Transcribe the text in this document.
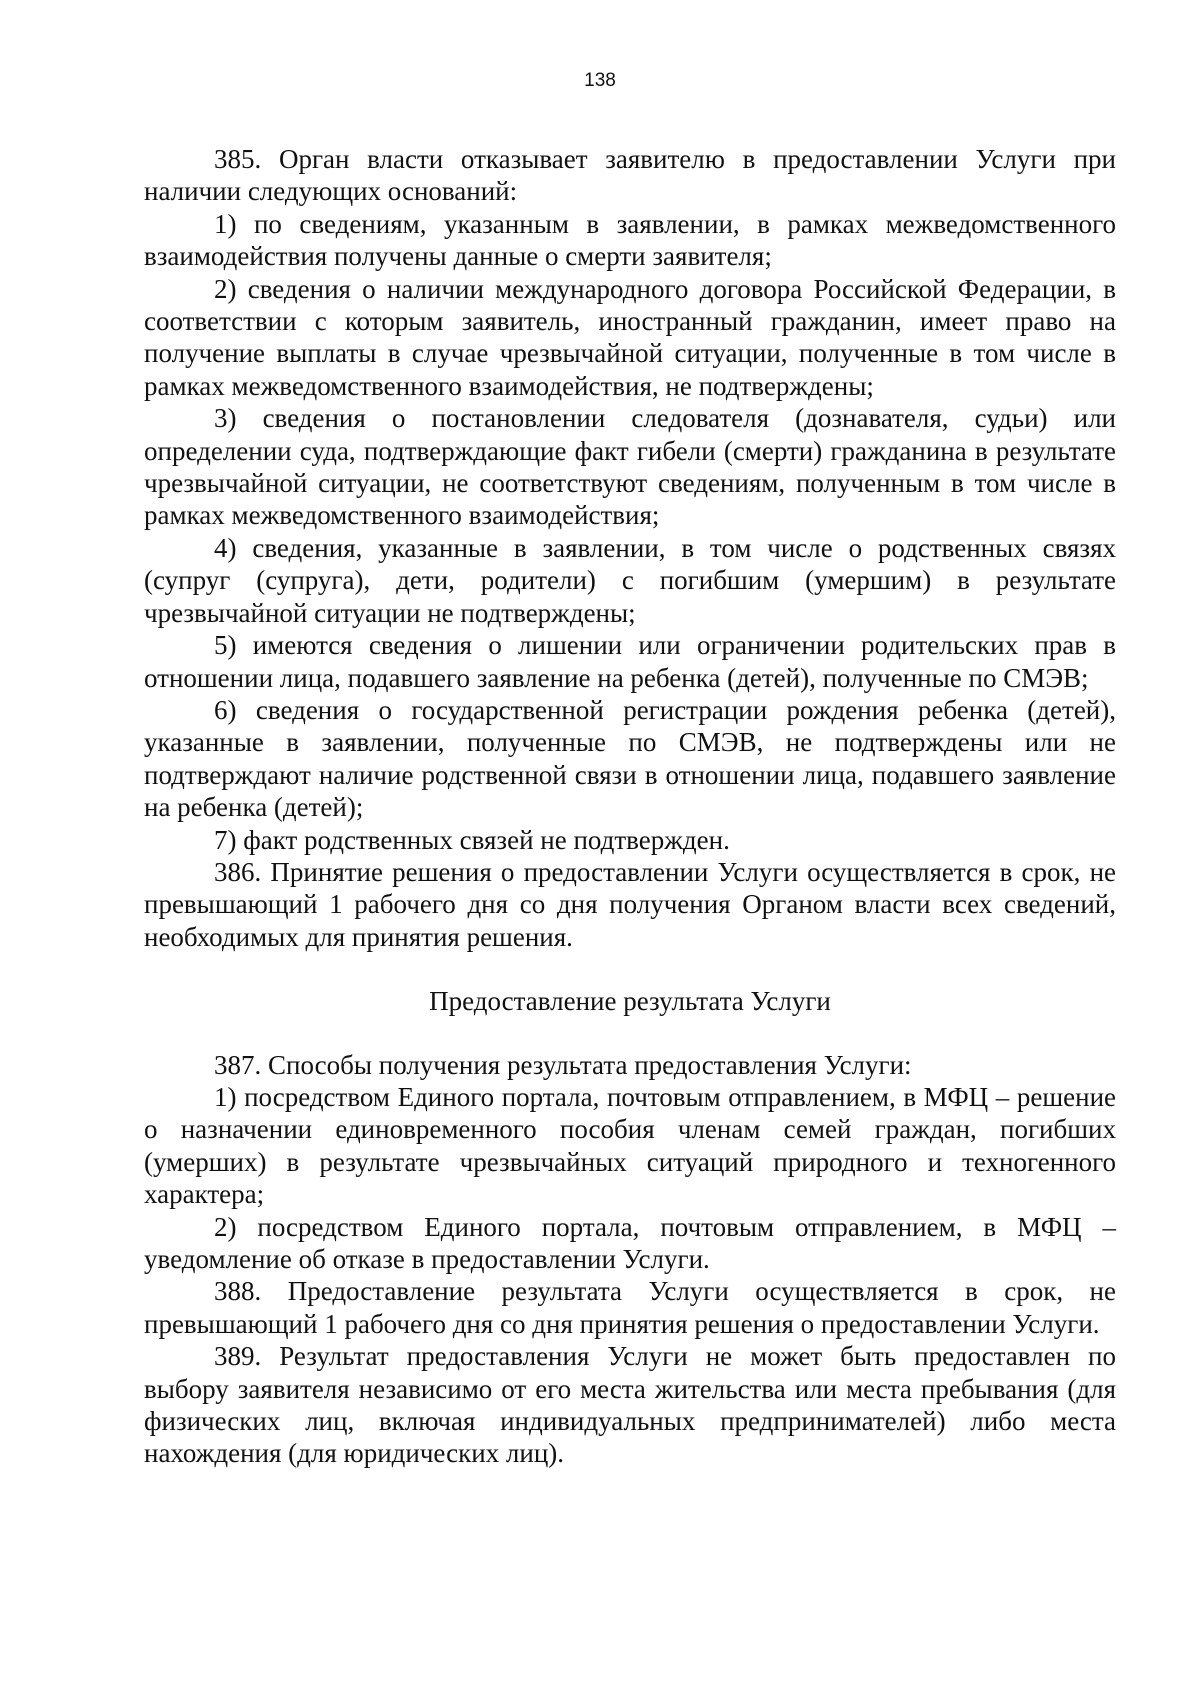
138

385. Орган власти отказывает заявителю в предоставлении Услуги при наличии следующих оснований:

1) по сведениям, указанным в заявлении, в рамках межведомственного взаимодействия получены данные о смерти заявителя;

2) сведения о наличии международного договора Российской Федерации, в соответствии с которым заявитель, иностранный гражданин, имеет право на получение выплаты в случае чрезвычайной ситуации, полученные в том числе в рамках межведомственного взаимодействия, не подтверждены;

3) сведения о постановлении следователя (дознавателя, судьи) или определении суда, подтверждающие факт гибели (смерти) гражданина в результате чрезвычайной ситуации, не соответствуют сведениям, полученным в том числе в рамках межведомственного взаимодействия;

4) сведения, указанные в заявлении, в том числе о родственных связях (супруг (супруга), дети, родители) с погибшим (умершим) в результате чрезвычайной ситуации не подтверждены;

5) имеются сведения о лишении или ограничении родительских прав в отношении лица, подавшего заявление на ребенка (детей), полученные по СМЭВ;

6) сведения о государственной регистрации рождения ребенка (детей), указанные в заявлении, полученные по СМЭВ, не подтверждены или не подтверждают наличие родственной связи в отношении лица, подавшего заявление на ребенка (детей);

7) факт родственных связей не подтвержден.

386. Принятие решения о предоставлении Услуги осуществляется в срок, не превышающий 1 рабочего дня со дня получения Органом власти всех сведений, необходимых для принятия решения.

Предоставление результата Услуги

387. Способы получения результата предоставления Услуги:

1) посредством Единого портала, почтовым отправлением, в МФЦ – решение о назначении единовременного пособия членам семей граждан, погибших (умерших) в результате чрезвычайных ситуаций природного и техногенного характера;

2) посредством Единого портала, почтовым отправлением, в МФЦ – уведомление об отказе в предоставлении Услуги.

388. Предоставление результата Услуги осуществляется в срок, не превышающий 1 рабочего дня со дня принятия решения о предоставлении Услуги.

389. Результат предоставления Услуги не может быть предоставлен по выбору заявителя независимо от его места жительства или места пребывания (для физических лиц, включая индивидуальных предпринимателей) либо места нахождения (для юридических лиц).
